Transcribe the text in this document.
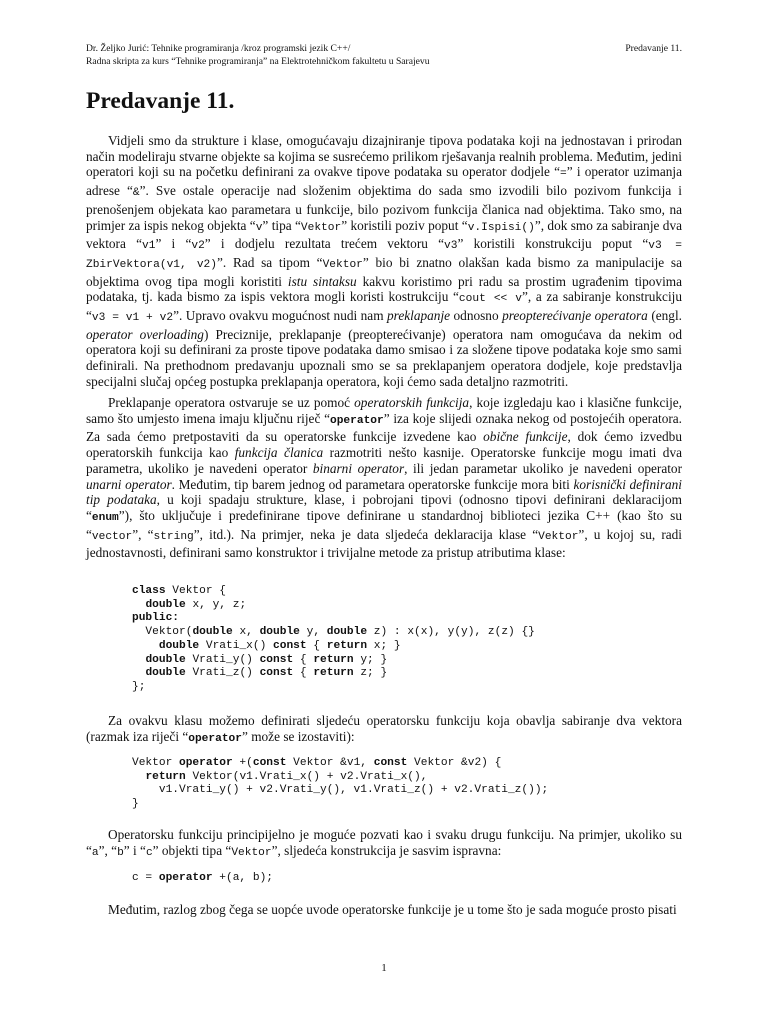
Dr. Željko Jurić: Tehnike programiranja /kroz programski jezik C++/	Predavanje 11.
Radna skripta za kurs “Tehnike programiranja” na Elektrotehničkom fakultetu u Sarajevu
Predavanje 11.

Vidjeli smo da strukture i klase, omogućavaju dizajniranje tipova podataka koji na jednostavan i prirodan način modeliraju stvarne objekte sa kojima se susrećemo prilikom rješavanja realnih problema. Međutim, jedini operatori koji su na početku definirani za ovakve tipove podataka su operator dodjele “=” i operator uzimanja adrese “&”. Sve ostale operacije nad složenim objektima do sada smo izvodili bilo pozivom funkcija i prenošenjem objekata kao parametara u funkcije, bilo pozivom funkcija članica nad objektima. Tako smo, na primjer za ispis nekog objekta “v” tipa “Vektor” koristili poziv poput “v.Ispisi()”, dok smo za sabiranje dva vektora “v1” i “v2” i dodjelu rezultata trećem vektoru “v3” koristili konstrukciju poput “v3 = ZbirVektora(v1, v2)”. Rad sa tipom “Vektor” bio bi znatno olakšan kada bismo za manipulacije sa objektima ovog tipa mogli koristiti istu sintaksu kakvu koristimo pri radu sa prostim ugrađenim tipovima podataka, tj. kada bismo za ispis vektora mogli koristi kostrukciju “cout << v”, a za sabiranje konstrukciju “v3 = v1 + v2”. Upravo ovakvu mogućnost nudi nam preklapanje odnosno preopterećivanje operatora (engl. operator overloading) Preciznije, preklapanje (preopterećivanje) operatora nam omogućava da nekim od operatora koji su definirani za proste tipove podataka damo smisao i za složene tipove podataka koje smo sami definirali. Na prethodnom predavanju upoznali smo se sa preklapanjem operatora dodjele, koje predstavlja specijalni slučaj općeg postupka preklapanja operatora, koji ćemo sada detaljno razmotriti.

Preklapanje operatora ostvaruje se uz pomoć operatorskih funkcija, koje izgledaju kao i klasične funkcije, samo što umjesto imena imaju ključnu riječ “operator” iza koje slijedi oznaka nekog od postojećih operatora. Za sada ćemo pretpostaviti da su operatorske funkcije izvedene kao obične funkcije, dok ćemo izvedbu operatorskih funkcija kao funkcija članica razmotriti nešto kasnije. Operatorske funkcije mogu imati dva parametra, ukoliko je navedeni operator binarni operator, ili jedan parametar ukoliko je navedeni operator unarni operator. Međutim, tip barem jednog od parametara operatorske funkcije mora biti korisnički definirani tip podataka, u koji spadaju strukture, klase, i pobrojani tipovi (odnosno tipovi definirani deklaracijom “enum”), što uključuje i predefinirane tipove definirane u standardnoj biblioteci jezika C++ (kao što su “vector”, “string”, itd.). Na primjer, neka je data sljedeća deklaracija klase “Vektor”, u kojoj su, radi jednostavnosti, definirani samo konstruktor i trivijalne metode za pristup atributima klase:

class Vektor {
double x, y, z;
public:
Vektor(double x, double y, double z) : x(x), y(y), z(z) {}
double Vrati_x() const { return x; }
double Vrati_y() const { return y; }
double Vrati_z() const { return z; }
};

Za ovakvu klasu možemo definirati sljedeću operatorsku funkciju koja obavlja sabiranje dva vektora (razmak iza riječi “operator” može se izostaviti):

Vektor operator +(const Vektor &v1, const Vektor &v2) {
return Vektor(v1.Vrati_x() + v2.Vrati_x(),
v1.Vrati_y() + v2.Vrati_y(), v1.Vrati_z() + v2.Vrati_z());
}

Operatorsku funkciju principijelno je moguće pozvati kao i svaku drugu funkciju. Na primjer, ukoliko su “a”, “b” i “c” objekti tipa “Vektor”, sljedeća konstrukcija je sasvim ispravna:

c = operator +(a, b);

Međutim, razlog zbog čega se uopće uvode operatorske funkcije je u tome što je sada moguće prosto pisati

1
